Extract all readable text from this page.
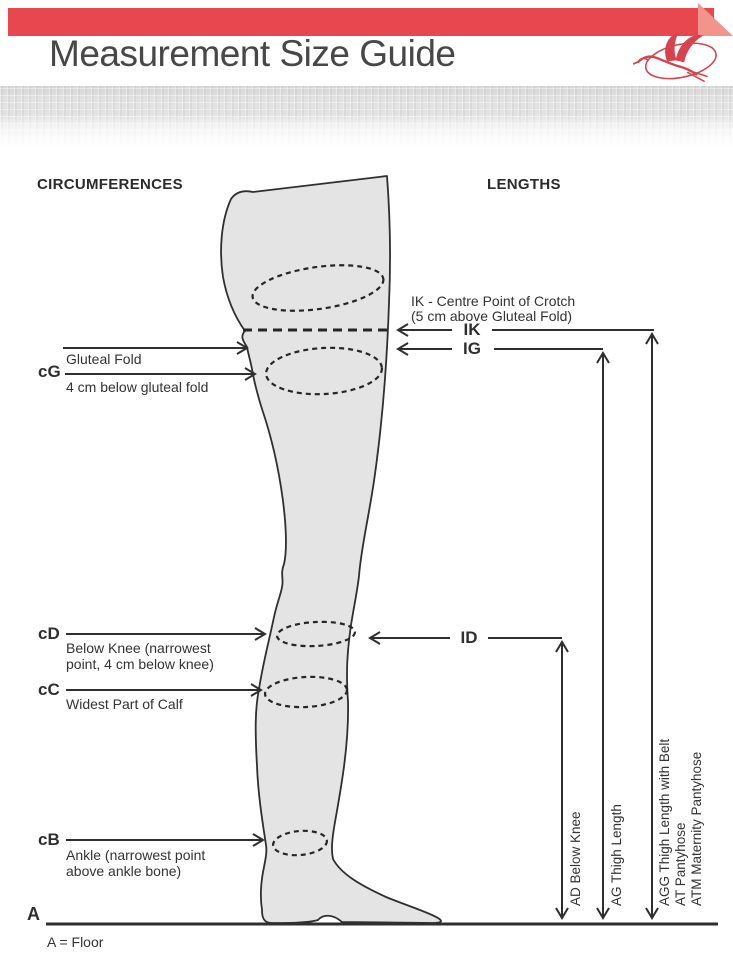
Measurement Size Guide
CIRCUMFERENCES	LENGTHS
cG
Gluteal Fold
4 cm below gluteal fold
cD
Below Knee (narrowest
point, 4 cm below knee)
cC
Widest Part of Calf
cB
Ankle (narrowest point
above ankle bone)
A
A = Floor
IK - Centre Point of Crotch
(5 cm above Gluteal Fold)
IK
IG
ID
AD Below Knee AG Thigh Length AGG Thigh Length with Belt AT Pantyhose ATM Maternity Pantyhose
